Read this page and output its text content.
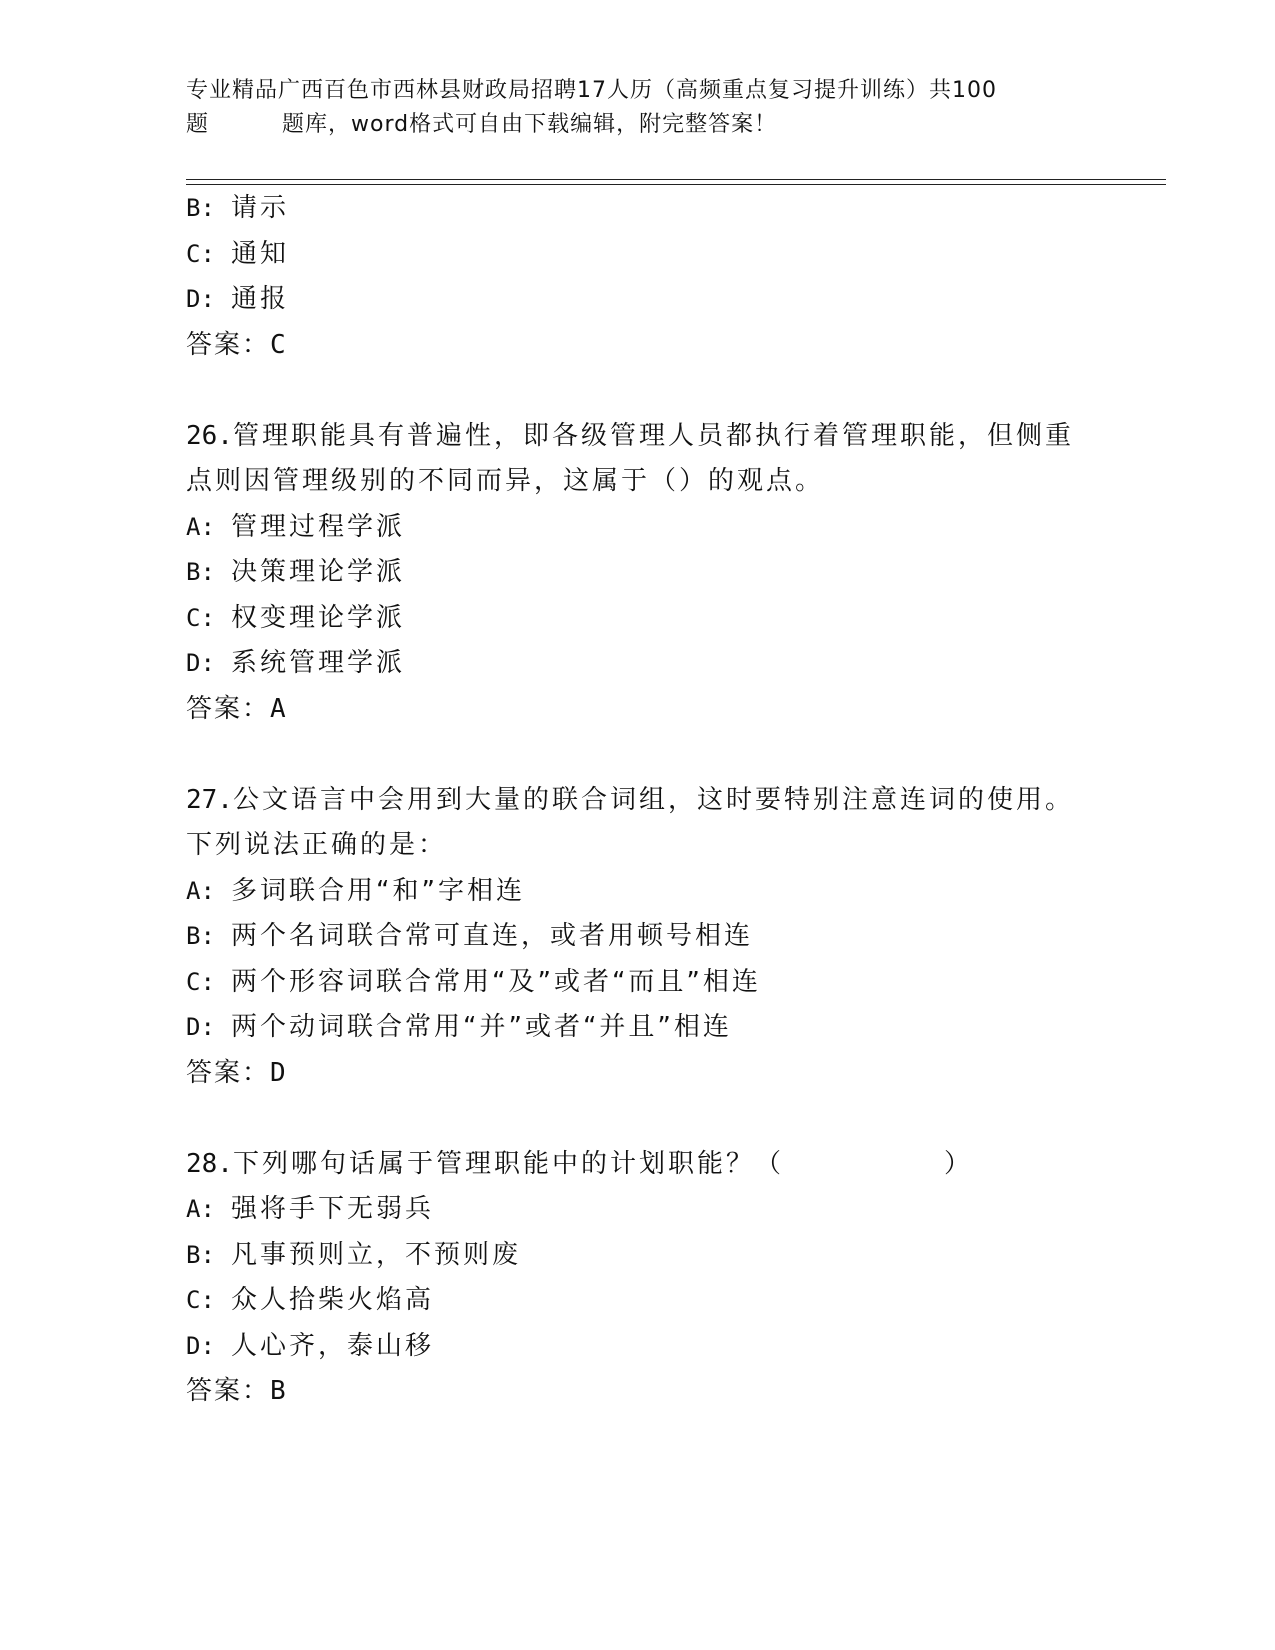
专业精品广西百色市西林县财政局招聘17人历（高频重点复习提升训练）共100
题	题库，word格式可自由下载编辑，附完整答案！
B: 请示
C: 通知
D: 通报
答案：C
26.管理职能具有普遍性，即各级管理人员都执行着管理职能，但侧重
点则因管理级别的不同而异，这属于（）的观点。
A: 管理过程学派
B: 决策理论学派
C: 权变理论学派
D: 系统管理学派
答案：A
27.公文语言中会用到大量的联合词组，这时要特别注意连词的使用。
下列说法正确的是：
A: 多词联合用“和”字相连
B: 两个名词联合常可直连，或者用顿号相连
C: 两个形容词联合常用“及”或者“而且”相连
D: 两个动词联合常用“并”或者“并且”相连
答案：D
28.下列哪句话属于管理职能中的计划职能？（	）
A: 强将手下无弱兵
B: 凡事预则立，不预则废
C: 众人拾柴火焰高
D: 人心齐，泰山移
答案：B
